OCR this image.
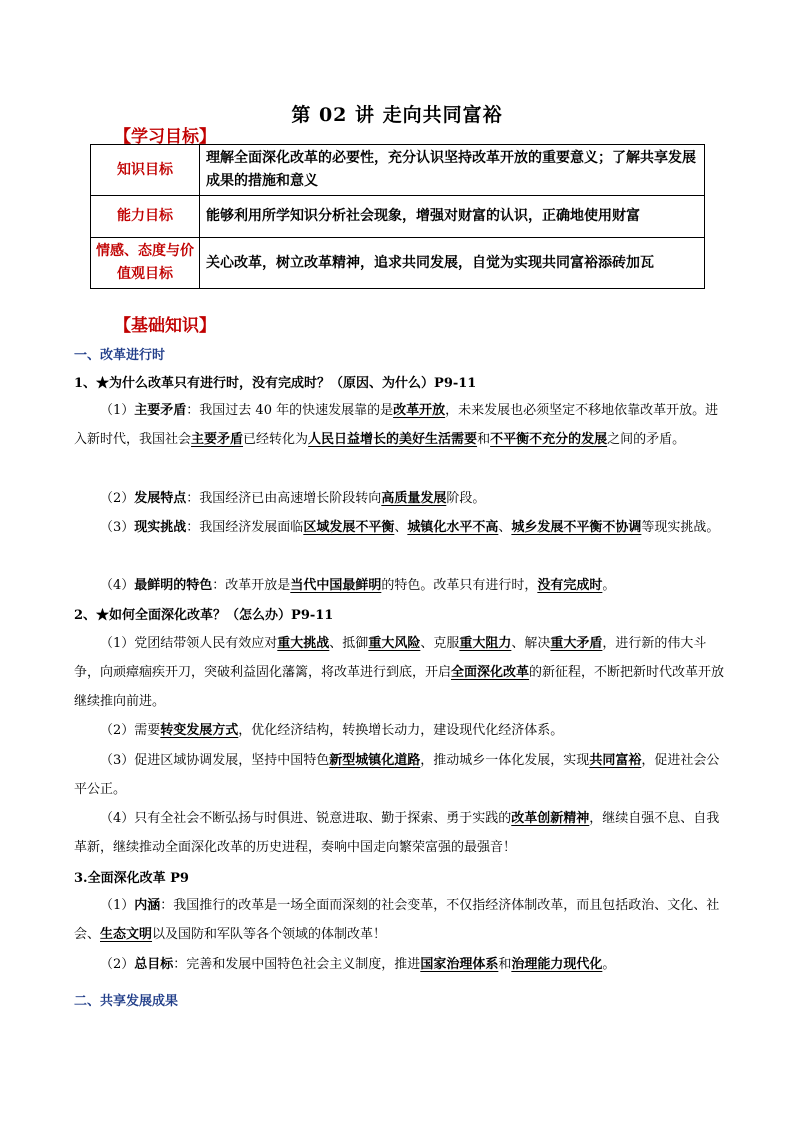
第 02 讲 走向共同富裕
【学习目标】
知识目标	理解全面深化改革的必要性，充分认识坚持改革开放的重要意义；了解共享发展成果的措施和意义
能力目标	能够利用所学知识分析社会现象，增强对财富的认识，正确地使用财富
情感、态度与价值观目标	关心改革，树立改革精神，追求共同发展，自觉为实现共同富裕添砖加瓦
【基础知识】
一、改革进行时
1、★为什么改革只有进行时，没有完成时？（原因、为什么）P9-11
（1）主要矛盾：我国过去 40 年的快速发展靠的是改革开放，未来发展也必须坚定不移地依靠改革开放。进入新时代，我国社会主要矛盾已经转化为人民日益增长的美好生活需要和不平衡不充分的发展之间的矛盾。
（2）发展特点：我国经济已由高速增长阶段转向高质量发展阶段。
（3）现实挑战：我国经济发展面临区域发展不平衡、城镇化水平不高、城乡发展不平衡不协调等现实挑战。
（4）最鲜明的特色：改革开放是当代中国最鲜明的特色。改革只有进行时，没有完成时。
2、★如何全面深化改革？（怎么办）P9-11
（1）党团结带领人民有效应对重大挑战、抵御重大风险、克服重大阻力、解决重大矛盾，进行新的伟大斗争，向顽瘴痼疾开刀，突破利益固化藩篱，将改革进行到底，开启全面深化改革的新征程，不断把新时代改革开放继续推向前进。
（2）需要转变发展方式，优化经济结构，转换增长动力，建设现代化经济体系。
（3）促进区域协调发展，坚持中国特色新型城镇化道路，推动城乡一体化发展，实现共同富裕，促进社会公平公正。
（4）只有全社会不断弘扬与时俱进、锐意进取、勤于探索、勇于实践的改革创新精神，继续自强不息、自我革新，继续推动全面深化改革的历史进程，奏响中国走向繁荣富强的最强音！
3.全面深化改革 P9
（1）内涵：我国推行的改革是一场全面而深刻的社会变革，不仅指经济体制改革，而且包括政治、文化、社会、生态文明以及国防和军队等各个领域的体制改革！
（2）总目标：完善和发展中国特色社会主义制度，推进国家治理体系和治理能力现代化。
二、共享发展成果
